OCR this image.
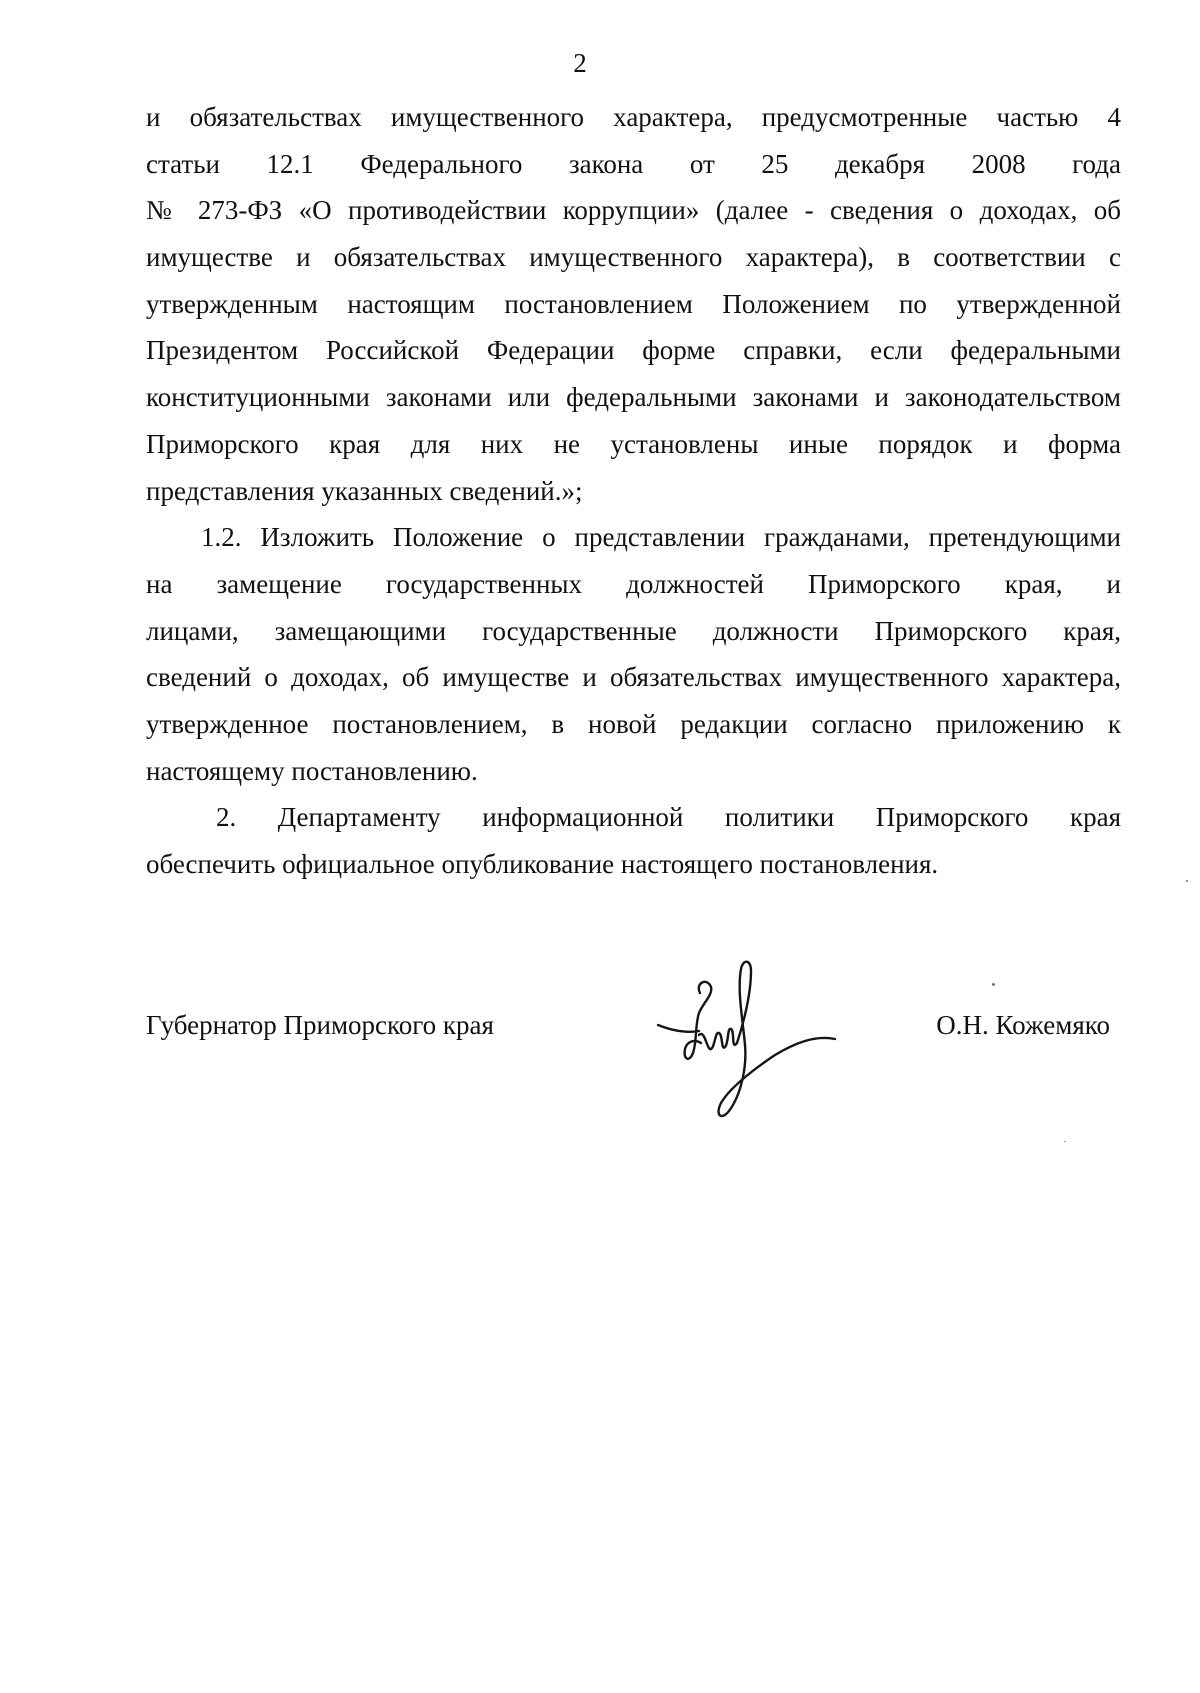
2
и обязательствах имущественного характера, предусмотренные частью 4
статьи 12.1 Федерального закона от 25 декабря 2008 года
№ 273-ФЗ «О противодействии коррупции» (далее - сведения о доходах, об
имуществе и обязательствах имущественного характера), в соответствии с
утвержденным настоящим постановлением Положением по утвержденной
Президентом Российской Федерации форме справки, если федеральными
конституционными законами или федеральными законами и законодательством
Приморского края для них не установлены иные порядок и форма
представления указанных сведений.»;
1.2. Изложить Положение о представлении гражданами, претендующими
на замещение государственных должностей Приморского края, и
лицами, замещающими государственные должности Приморского края,
сведений о доходах, об имуществе и обязательствах имущественного характера,
утвержденное постановлением, в новой редакции согласно приложению к
настоящему постановлению.
2. Департаменту информационной политики Приморского края
обеспечить официальное опубликование настоящего постановления.
Губернатор Приморского края	О.Н. Кожемяко
